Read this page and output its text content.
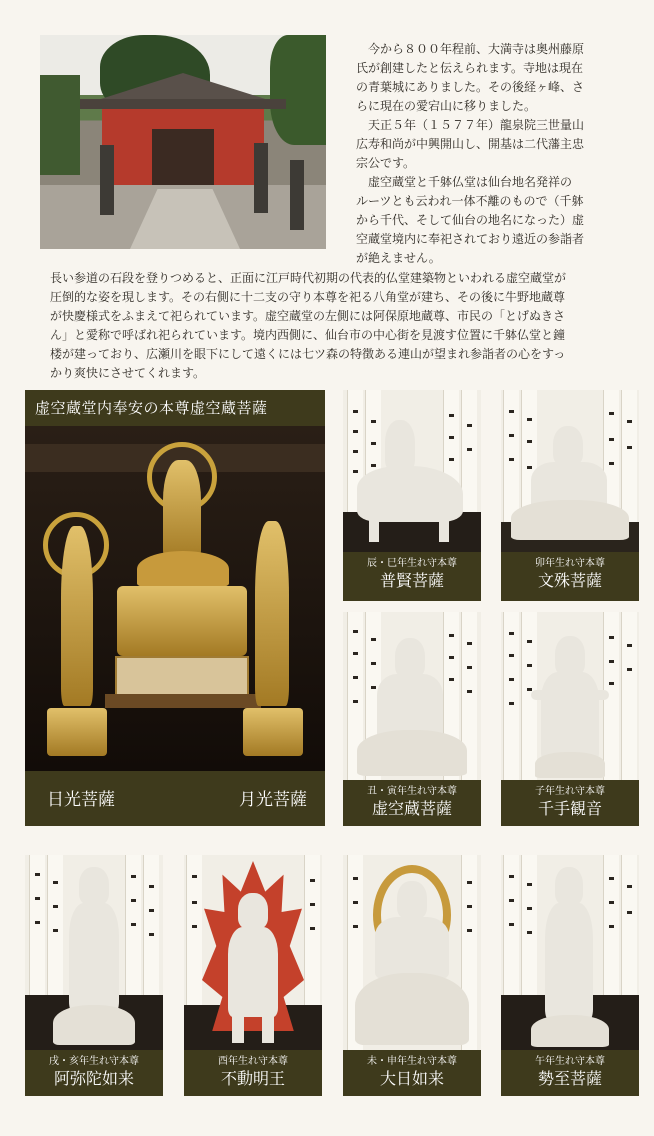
　今から８００年程前、大満寺は奥州藤原
氏が創建したと伝えられます。寺地は現在
の青葉城にありました。その後経ヶ峰、さ
らに現在の愛宕山に移りました。
　天正５年（１５７７年）龍泉院三世量山
広寿和尚が中興開山し、開基は二代藩主忠
宗公です。
　虚空蔵堂と千躰仏堂は仙台地名発祥の
ルーツとも云われ一体不離のもので（千躰
から千代、そして仙台の地名になった）虚
空蔵堂境内に奉祀されており遠近の参詣者
が絶えません。

長い参道の石段を登りつめると、正面に江戸時代初期の代表的仏堂建築物といわれる虚空蔵堂が
圧倒的な姿を現します。その右側に十二支の守り本尊を祀る八角堂が建ち、その後に牛野地蔵尊
が快慶様式をふまえて祀られています。虚空蔵堂の左側には阿保原地蔵尊、市民の「とげぬきさ
ん」と愛称で呼ばれ祀られています。境内西側に、仙台市の中心街を見渡す位置に千躰仏堂と鐘
楼が建っており、広瀬川を眼下にして遠くには七ツ森の特徴ある連山が望まれ参詣者の心をすっ
かり爽快にさせてくれます。

虚空蔵堂内奉安の本尊虚空蔵菩薩
日光菩薩	月光菩薩
辰・巳年生れ守本尊
普賢菩薩
卯年生れ守本尊
文殊菩薩
丑・寅年生れ守本尊
虚空蔵菩薩
子年生れ守本尊
千手観音
戌・亥年生れ守本尊
阿弥陀如来
酉年生れ守本尊
不動明王
未・申年生れ守本尊
大日如来
午年生れ守本尊
勢至菩薩
